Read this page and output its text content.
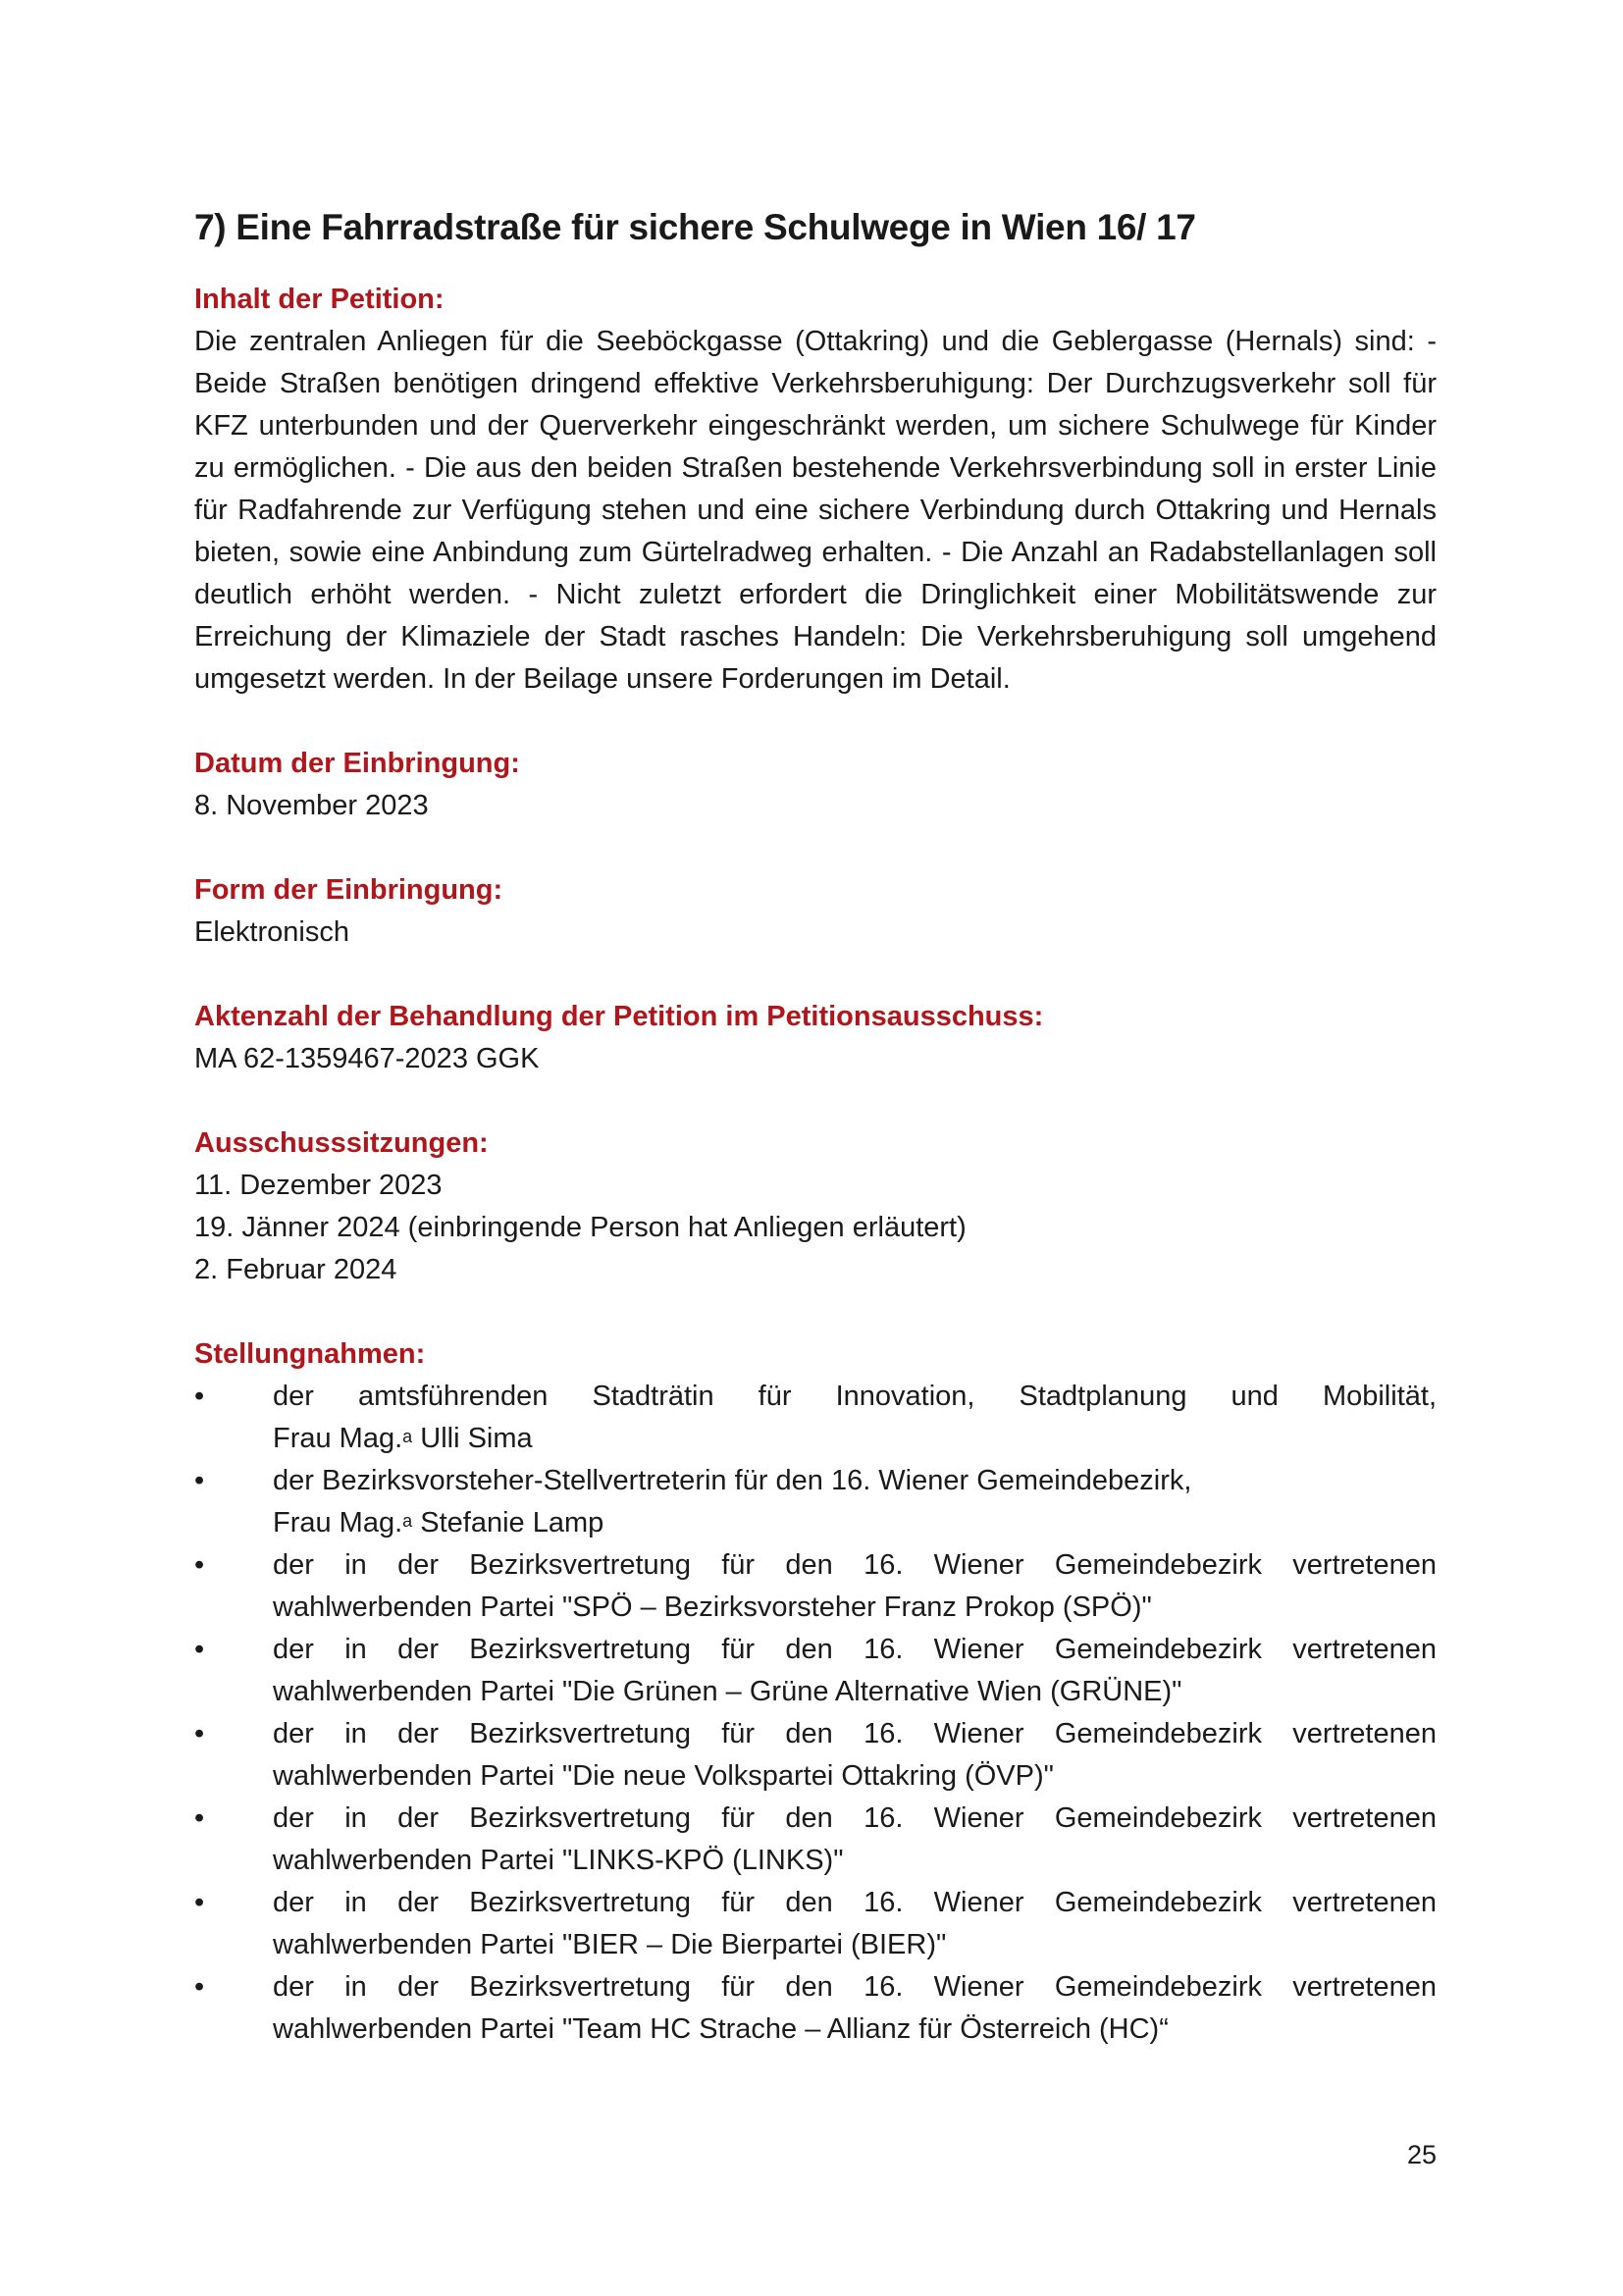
7) Eine Fahrradstraße für sichere Schulwege in Wien 16/ 17

Inhalt der Petition:

Die zentralen Anliegen für die Seeböckgasse (Ottakring) und die Geblergasse (Hernals) sind: - Beide Straßen benötigen dringend effektive Verkehrsberuhigung: Der Durchzugsverkehr soll für KFZ unterbunden und der Querverkehr eingeschränkt werden, um sichere Schulwege für Kinder zu ermöglichen. - Die aus den beiden Straßen bestehende Verkehrsverbindung soll in erster Linie für Radfahrende zur Verfügung stehen und eine sichere Verbindung durch Ottakring und Hernals bieten, sowie eine Anbindung zum Gürtelradweg erhalten. - Die Anzahl an Radabstellanlagen soll deutlich erhöht werden. - Nicht zuletzt erfordert die Dringlichkeit einer Mobilitätswende zur Erreichung der Klimaziele der Stadt rasches Handeln: Die Verkehrsberuhigung soll umgehend umgesetzt werden. In der Beilage unsere Forderungen im Detail.

Datum der Einbringung:

8. November 2023

Form der Einbringung:

Elektronisch

Aktenzahl der Behandlung der Petition im Petitionsausschuss:

MA 62-1359467-2023 GGK

Ausschusssitzungen:

11. Dezember 2023

19. Jänner 2024 (einbringende Person hat Anliegen erläutert)

2. Februar 2024

Stellungnahmen:

•	der amtsführenden Stadträtin für Innovation, Stadtplanung und Mobilität,
Frau Mag.$^a$ Ulli Sima
•	der Bezirksvorsteher-Stellvertreterin für den 16. Wiener Gemeindebezirk,
Frau Mag.$^a$ Stefanie Lamp
•	der in der Bezirksvertretung für den 16. Wiener Gemeindebezirk vertretenen
wahlwerbenden Partei "SPÖ – Bezirksvorsteher Franz Prokop (SPÖ)"
•	der in der Bezirksvertretung für den 16. Wiener Gemeindebezirk vertretenen
wahlwerbenden Partei "Die Grünen – Grüne Alternative Wien (GRÜNE)"
•	der in der Bezirksvertretung für den 16. Wiener Gemeindebezirk vertretenen
wahlwerbenden Partei "Die neue Volkspartei Ottakring (ÖVP)"
•	der in der Bezirksvertretung für den 16. Wiener Gemeindebezirk vertretenen
wahlwerbenden Partei "LINKS-KPÖ (LINKS)"
•	der in der Bezirksvertretung für den 16. Wiener Gemeindebezirk vertretenen
wahlwerbenden Partei "BIER – Die Bierpartei (BIER)"
•	der in der Bezirksvertretung für den 16. Wiener Gemeindebezirk vertretenen
wahlwerbenden Partei "Team HC Strache – Allianz für Österreich (HC)“
25
